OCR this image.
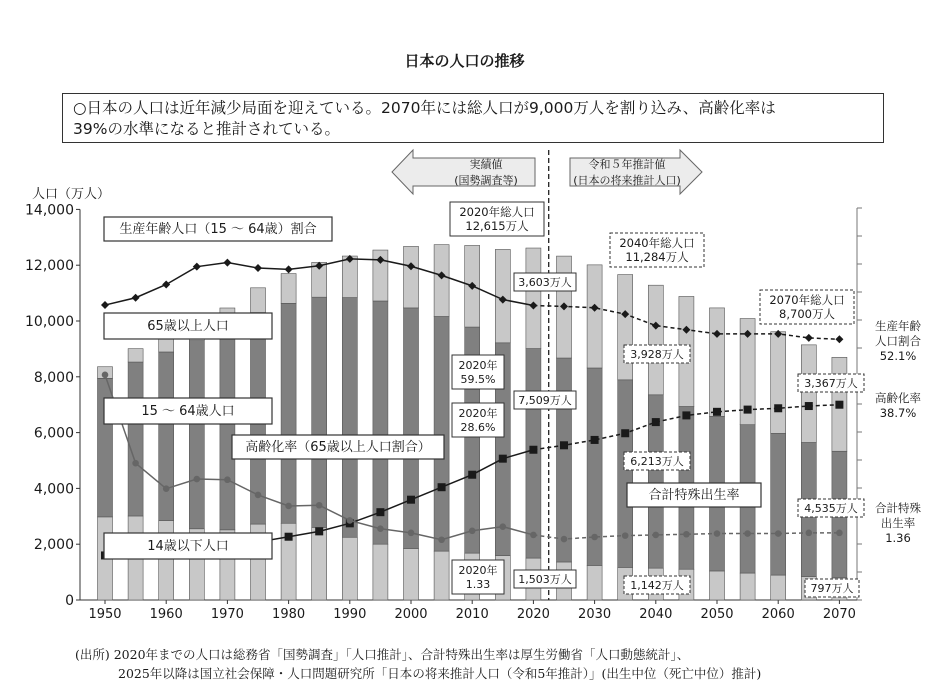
日本の人口の推移
○日本の人口は近年減少局面を迎えている。2070年には総人口が9,000万人を割り込み、高齢化率は
39%の水準になると推計されている。
人口（万人）
0
2,000
4,000
6,000
8,000
10,000
12,000
14,000
1950 1960 1970 1980 1990 2000 2010 2020 2030 2040 2050 2060 2070
実績値
(国勢調査等)
令和５年推計値
(日本の将来推計人口)
生産年齢人口（15 ～ 64歳）割合
65歳以上人口
15 ～ 64歳人口
高齢化率（65歳以上人口割合）
14歳以下人口
合計特殊出生率
2020年総人口
12,615万人
2040年総人口
11,284万人
2070年総人口
8,700万人
2020年
59.5%
2020年
28.6%
2020年
1.33
3,603万人
7,509万人
1,503万人
3,928万人
6,213万人
1,142万人
3,367万人
4,535万人
797万人
生産年齢
人口割合
52.1%
高齢化率
38.7%
合計特殊
出生率
1.36
(出所) 2020年までの人口は総務省「国勢調査」「人口推計」、合計特殊出生率は厚生労働省「人口動態統計」、
2025年以降は国立社会保障・人口問題研究所「日本の将来推計人口（令和5年推計）」(出生中位（死亡中位）推計)
